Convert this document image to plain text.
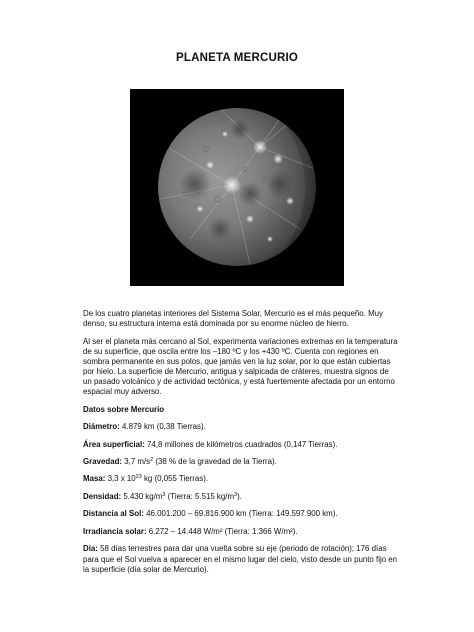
PLANETA MERCURIO

De los cuatro planetas interiores del Sistema Solar, Mercurio es el más pequeño. Muy denso, su estructura interna está dominada por su enorme núcleo de hierro.

Al ser el planeta más cercano al Sol, experimenta variaciones extremas en la temperatura de su superficie, que oscila entre los –180 ºC y los +430 ºC. Cuenta con regiones en sombra permanente en sus polos, que jamás ven la luz solar, por lo que están cubiertas por hielo. La superficie de Mercurio, antigua y salpicada de cráteres, muestra signos de un pasado volcánico y de actividad tectónica, y está fuertemente afectada por un entorno espacial muy adverso.

Datos sobre Mercurio

Diámetro: 4.879 km (0,38 Tierras).

Área superficial: 74,8 millones de kilómetros cuadrados (0,147 Tierras).

Gravedad: 3,7 $m/s^2$ (38 % de la gravedad de la Tierra).

Masa: 3,3 x $10^{23}$ kg (0,055 Tierras).

Densidad: 5.430 $kg/m^3$ (Tierra: 5.515 $kg/m^3$).

Distancia al Sol: 46.001.200 – 69.816.900 km (Tierra: 149.597.900 km).

Irradiancia solar: 6.272 – 14.448 W/m² (Tierra: 1.366 W/m²).

Día: 58 días terrestres para dar una vuelta sobre su eje (periodo de rotación); 176 días para que el Sol vuelva a aparecer en el mismo lugar del cielo, visto desde un punto fijo en la superficie (día solar de Mercurio).
